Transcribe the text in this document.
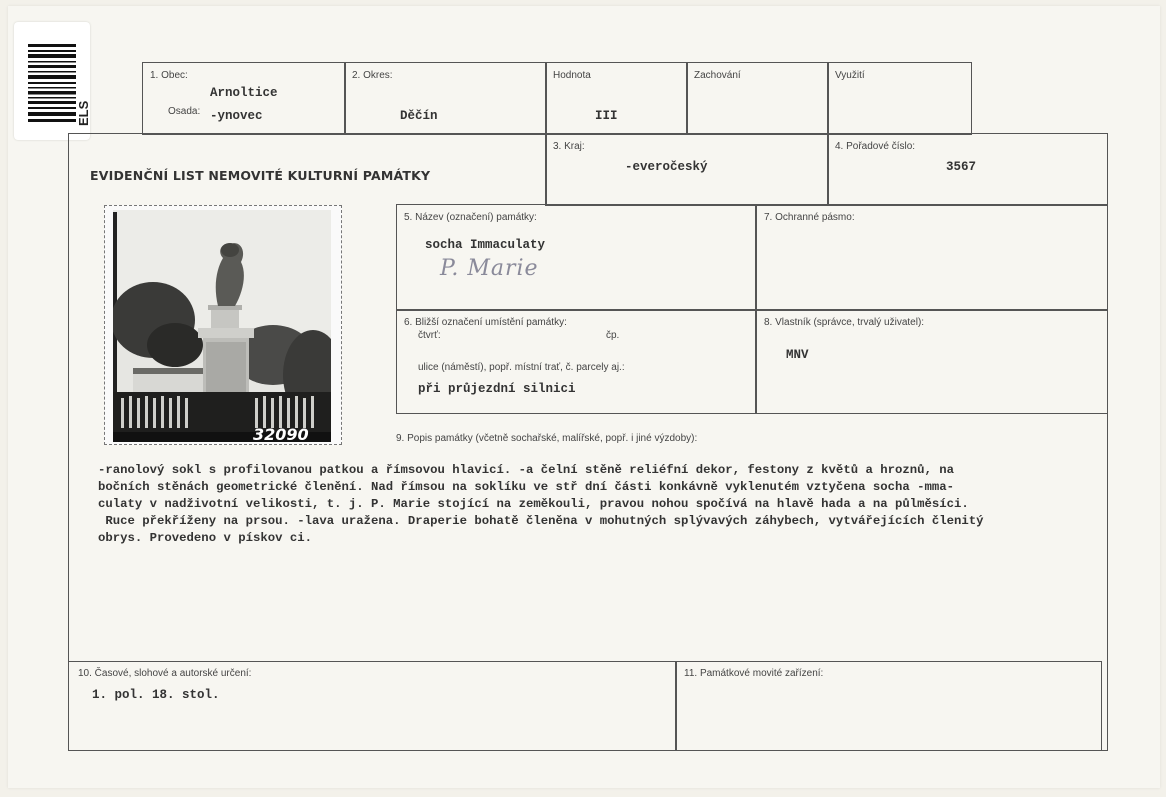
ELS
1. Obec:
Arnoltice
Osada: -ynovec
2. Okres:
Děčín
Hodnota
III
Zachování	Využití
EVIDENČNÍ LIST NEMOVITÉ KULTURNÍ PAMÁTKY
3. Kraj:
-everočeský
4. Pořadové číslo:
3567
32090
5. Název (označení) památky:
socha Immaculaty
P. Marie
7. Ochranné pásmo:
6. Bližší označení umístění památky:
čtvrť:	čp.
ulice (náměstí), popř. místní trať, č. parcely aj.:
při průjezdní silnici
8. Vlastník (správce, trvalý uživatel):
MNV
9. Popis památky (včetně sochařské, malířské, popř. i jiné výzdoby):
-ranolový sokl s profilovanou patkou a římsovou hlavicí. -a čelní stěně reliéfní dekor, festony z květů a hroznů, na
bočních stěnách geometrické členění. Nad římsou na soklíku ve stř dní části konkávně vyklenutém vztyčena socha -mma-
culaty v nadživotní velikosti, t. j. P. Marie stojící na zeměkouli, pravou nohou spočívá na hlavě hada a na půlměsíci.
Ruce překříženy na prsou. -lava uražena. Draperie bohatě členěna v mohutných splývavých záhybech, vytvářejících členitý
obrys. Provedeno v pískov ci.
10. Časové, slohové a autorské určení:
1. pol. 18. stol.
11. Památkové movité zařízení:
